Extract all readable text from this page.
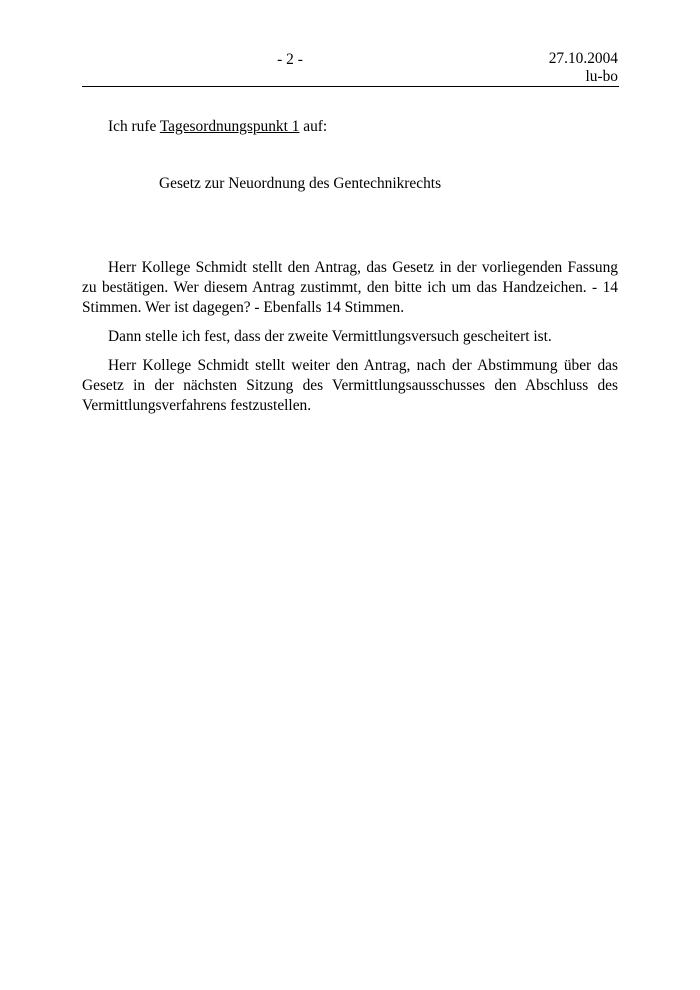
- 2 -	27.10.2004
lu-bo
Ich rufe Tagesordnungspunkt 1 auf:
Gesetz zur Neuordnung des Gentechnikrechts

Herr Kollege Schmidt stellt den Antrag, das Gesetz in der vorliegenden Fassung zu bestätigen. Wer diesem Antrag zustimmt, den bitte ich um das Handzeichen. - 14 Stimmen. Wer ist dagegen? - Ebenfalls 14 Stimmen.

Dann stelle ich fest, dass der zweite Vermittlungsversuch gescheitert ist.

Herr Kollege Schmidt stellt weiter den Antrag, nach der Abstimmung über das Gesetz in der nächsten Sitzung des Vermittlungsausschusses den Abschluss des Vermittlungsverfahrens festzustellen.
